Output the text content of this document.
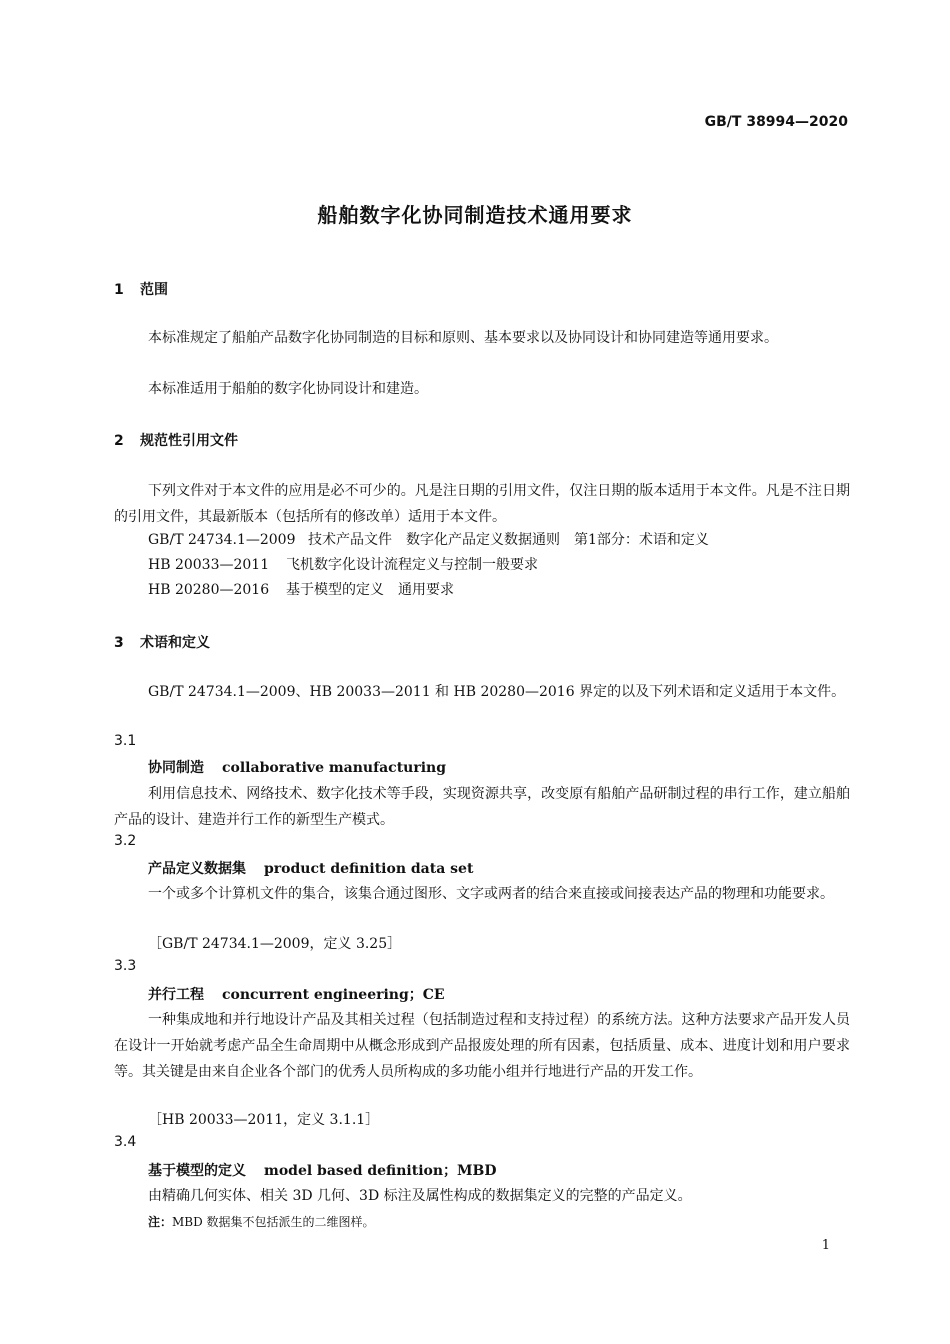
GB/T 38994—2020
船舶数字化协同制造技术通用要求
1 范围
本标准规定了船舶产品数字化协同制造的目标和原则、基本要求以及协同设计和协同建造等通用要求。
本标准适用于船舶的数字化协同设计和建造。
2 规范性引用文件
下列文件对于本文件的应用是必不可少的。凡是注日期的引用文件，仅注日期的版本适用于本文件。凡是不注日期的引用文件，其最新版本（包括所有的修改单）适用于本文件。
GB/T 24734.1—2009 技术产品文件　数字化产品定义数据通则　第1部分：术语和定义
HB 20033—2011 飞机数字化设计流程定义与控制一般要求
HB 20280—2016 基于模型的定义　通用要求
3 术语和定义
GB/T 24734.1—2009、HB 20033—2011 和 HB 20280—2016 界定的以及下列术语和定义适用于本文件。
3.1
协同制造 collaborative manufacturing
利用信息技术、网络技术、数字化技术等手段，实现资源共享，改变原有船舶产品研制过程的串行工作，建立船舶产品的设计、建造并行工作的新型生产模式。
3.2
产品定义数据集 product definition data set
一个或多个计算机文件的集合，该集合通过图形、文字或两者的结合来直接或间接表达产品的物理和功能要求。
［GB/T 24734.1—2009，定义 3.25］
3.3
并行工程 concurrent engineering；CE
一种集成地和并行地设计产品及其相关过程（包括制造过程和支持过程）的系统方法。这种方法要求产品开发人员在设计一开始就考虑产品全生命周期中从概念形成到产品报废处理的所有因素，包括质量、成本、进度计划和用户要求等。其关键是由来自企业各个部门的优秀人员所构成的多功能小组并行地进行产品的开发工作。
［HB 20033—2011，定义 3.1.1］
3.4
基于模型的定义 model based definition；MBD
由精确几何实体、相关 3D 几何、3D 标注及属性构成的数据集定义的完整的产品定义。
注：MBD 数据集不包括派生的二维图样。
1
